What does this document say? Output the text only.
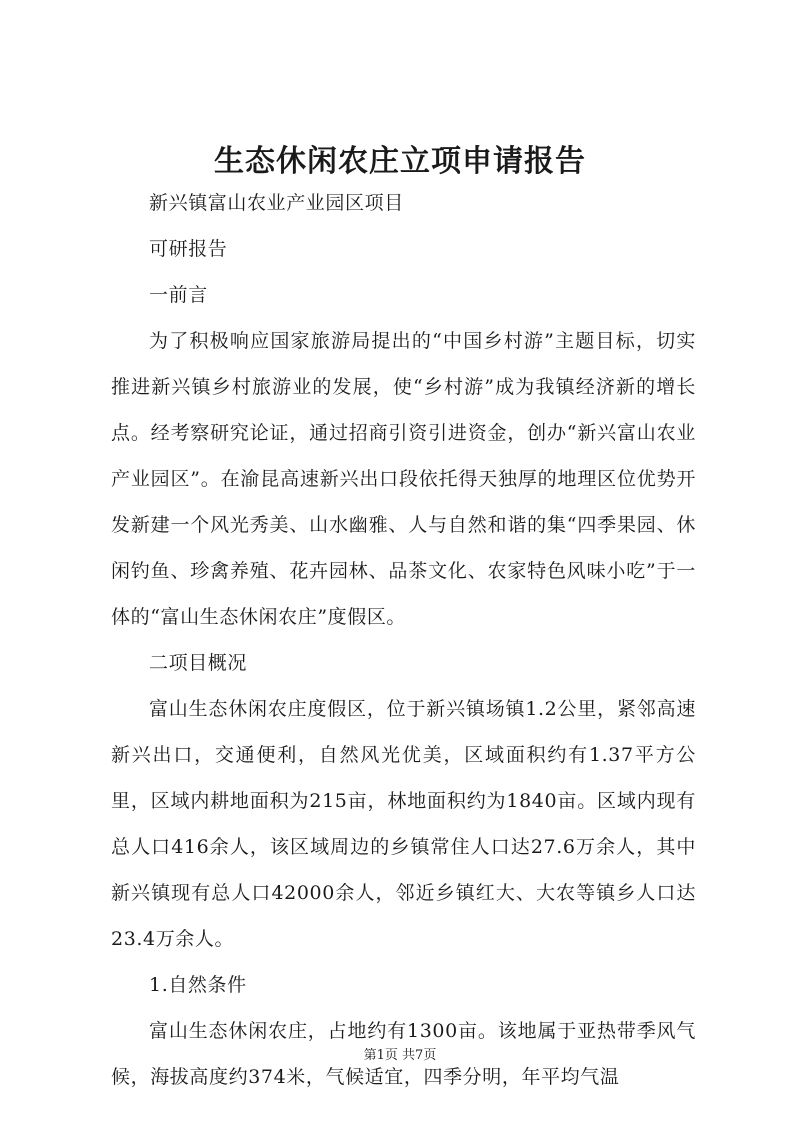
生态休闲农庄立项申请报告

新兴镇富山农业产业园区项目

可研报告

一前言

为了积极响应国家旅游局提出的“中国乡村游”主题目标，切实推进新兴镇乡村旅游业的发展，使“乡村游”成为我镇经济新的增长点。经考察研究论证，通过招商引资引进资金，创办“新兴富山农业产业园区”。在渝昆高速新兴出口段依托得天独厚的地理区位优势开发新建一个风光秀美、山水幽雅、人与自然和谐的集“四季果园、休闲钓鱼、珍禽养殖、花卉园林、品茶文化、农家特色风味小吃”于一体的“富山生态休闲农庄”度假区。

二项目概况

富山生态休闲农庄度假区，位于新兴镇场镇1.2公里，紧邻高速新兴出口，交通便利，自然风光优美，区域面积约有1.37平方公里，区域内耕地面积为215亩，林地面积约为1840亩。区域内现有总人口416余人，该区域周边的乡镇常住人口达27.6万余人，其中新兴镇现有总人口42000余人，邻近乡镇红大、大农等镇乡人口达23.4万余人。

1.自然条件

富山生态休闲农庄，占地约有1300亩。该地属于亚热带季风气候，海拔高度约374米，气候适宜，四季分明，年平均气温

第1页 共7页
